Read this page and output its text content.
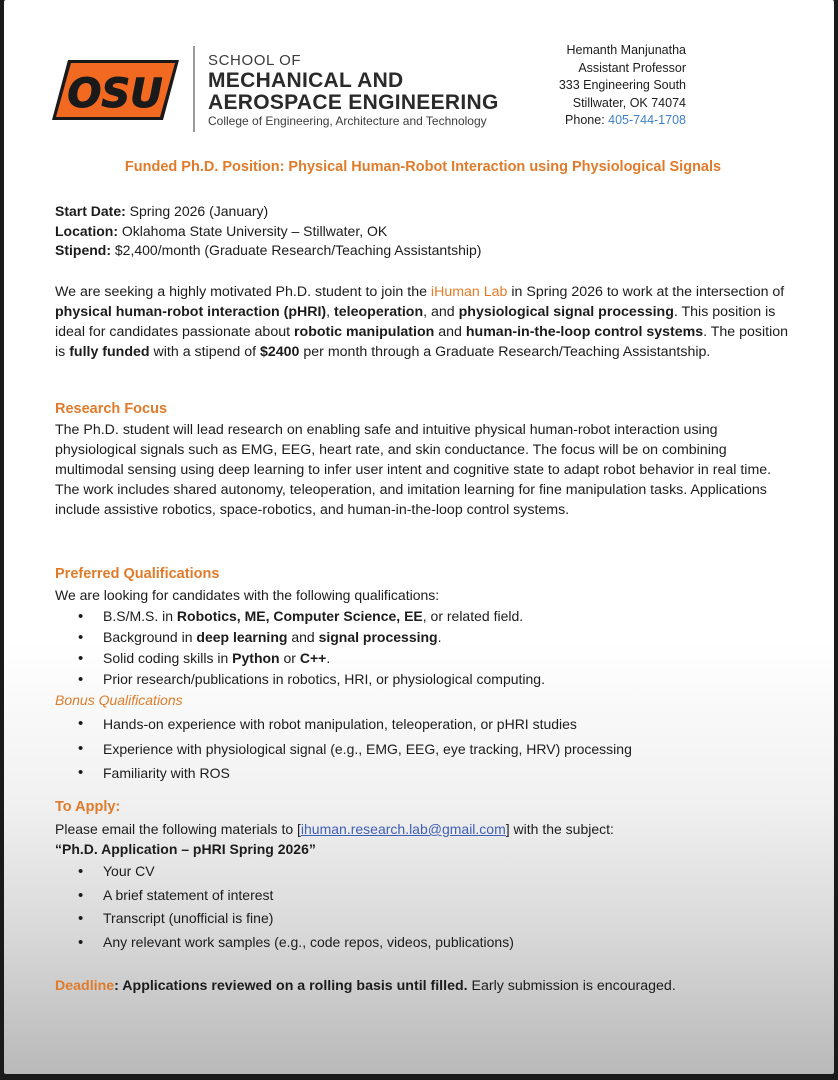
OSU
SCHOOL OF
MECHANICAL AND
AEROSPACE ENGINEERING
College of Engineering, Architecture and Technology
Hemanth Manjunatha
Assistant Professor
333 Engineering South
Stillwater, OK 74074
Phone: 405-744-1708
Funded Ph.D. Position: Physical Human-Robot Interaction using Physiological Signals
Start Date: Spring 2026 (January)
Location: Oklahoma State University – Stillwater, OK
Stipend: $2,400/month (Graduate Research/Teaching Assistantship)
We are seeking a highly motivated Ph.D. student to join the iHuman Lab in Spring 2026 to work at the intersection of physical human-robot interaction (pHRI), teleoperation, and physiological signal processing. This position is ideal for candidates passionate about robotic manipulation and human-in-the-loop control systems. The position is fully funded with a stipend of $2400 per month through a Graduate Research/Teaching Assistantship.
Research Focus
The Ph.D. student will lead research on enabling safe and intuitive physical human-robot interaction using physiological signals such as EMG, EEG, heart rate, and skin conductance. The focus will be on combining multimodal sensing using deep learning to infer user intent and cognitive state to adapt robot behavior in real time. The work includes shared autonomy, teleoperation, and imitation learning for fine manipulation tasks. Applications include assistive robotics, space-robotics, and human-in-the-loop control systems.
Preferred Qualifications
We are looking for candidates with the following qualifications:
• B.S/M.S. in Robotics, ME, Computer Science, EE, or related field.
• Background in deep learning and signal processing.
• Solid coding skills in Python or C++.
• Prior research/publications in robotics, HRI, or physiological computing.
Bonus Qualifications
• Hands-on experience with robot manipulation, teleoperation, or pHRI studies
• Experience with physiological signal (e.g., EMG, EEG, eye tracking, HRV) processing
• Familiarity with ROS
To Apply:
Please email the following materials to [ihuman.research.lab@gmail.com] with the subject:
“Ph.D. Application – pHRI Spring 2026”
• Your CV
• A brief statement of interest
• Transcript (unofficial is fine)
• Any relevant work samples (e.g., code repos, videos, publications)
Deadline: Applications reviewed on a rolling basis until filled. Early submission is encouraged.
